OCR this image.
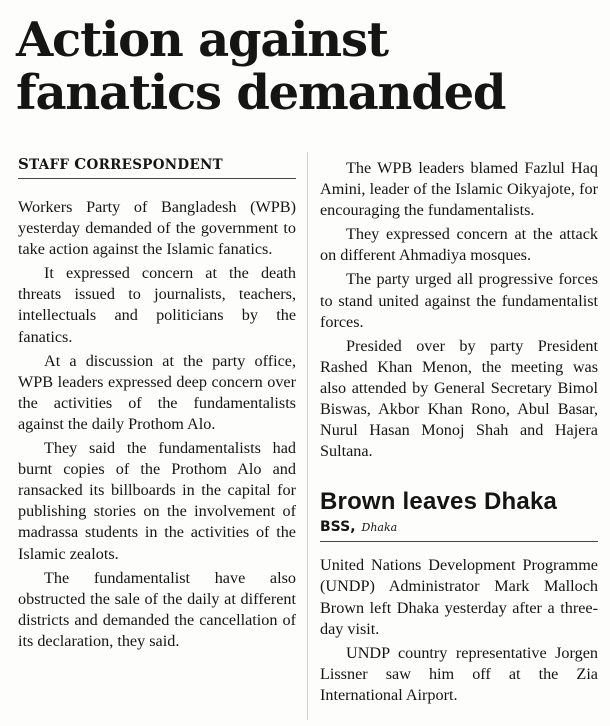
Action against fanatics demanded
STAFF CORRESPONDENT

Workers Party of Bangladesh (WPB) yesterday demanded of the government to take action against the Islamic fanatics.

It expressed concern at the death threats issued to journalists, teachers, intellectuals and politicians by the fanatics.

At a discussion at the party office, WPB leaders expressed deep concern over the activities of the fundamentalists against the daily Prothom Alo.

They said the fundamentalists had burnt copies of the Prothom Alo and ransacked its billboards in the capital for publishing stories on the involvement of madrassa students in the activities of the Islamic zealots.

The fundamentalist have also obstructed the sale of the daily at different districts and demanded the cancellation of its declaration, they said.

The WPB leaders blamed Fazlul Haq Amini, leader of the Islamic Oikyajote, for encouraging the fundamentalists.

They expressed concern at the attack on different Ahmadiya mosques.

The party urged all progressive forces to stand united against the fundamentalist forces.

Presided over by party President Rashed Khan Menon, the meeting was also attended by General Secretary Bimol Biswas, Akbor Khan Rono, Abul Basar, Nurul Hasan Monoj Shah and Hajera Sultana.

Brown leaves Dhaka
BSS, Dhaka

United Nations Development Programme (UNDP) Administrator Mark Malloch Brown left Dhaka yesterday after a three-day visit.

UNDP country representative Jorgen Lissner saw him off at the Zia International Airport.
